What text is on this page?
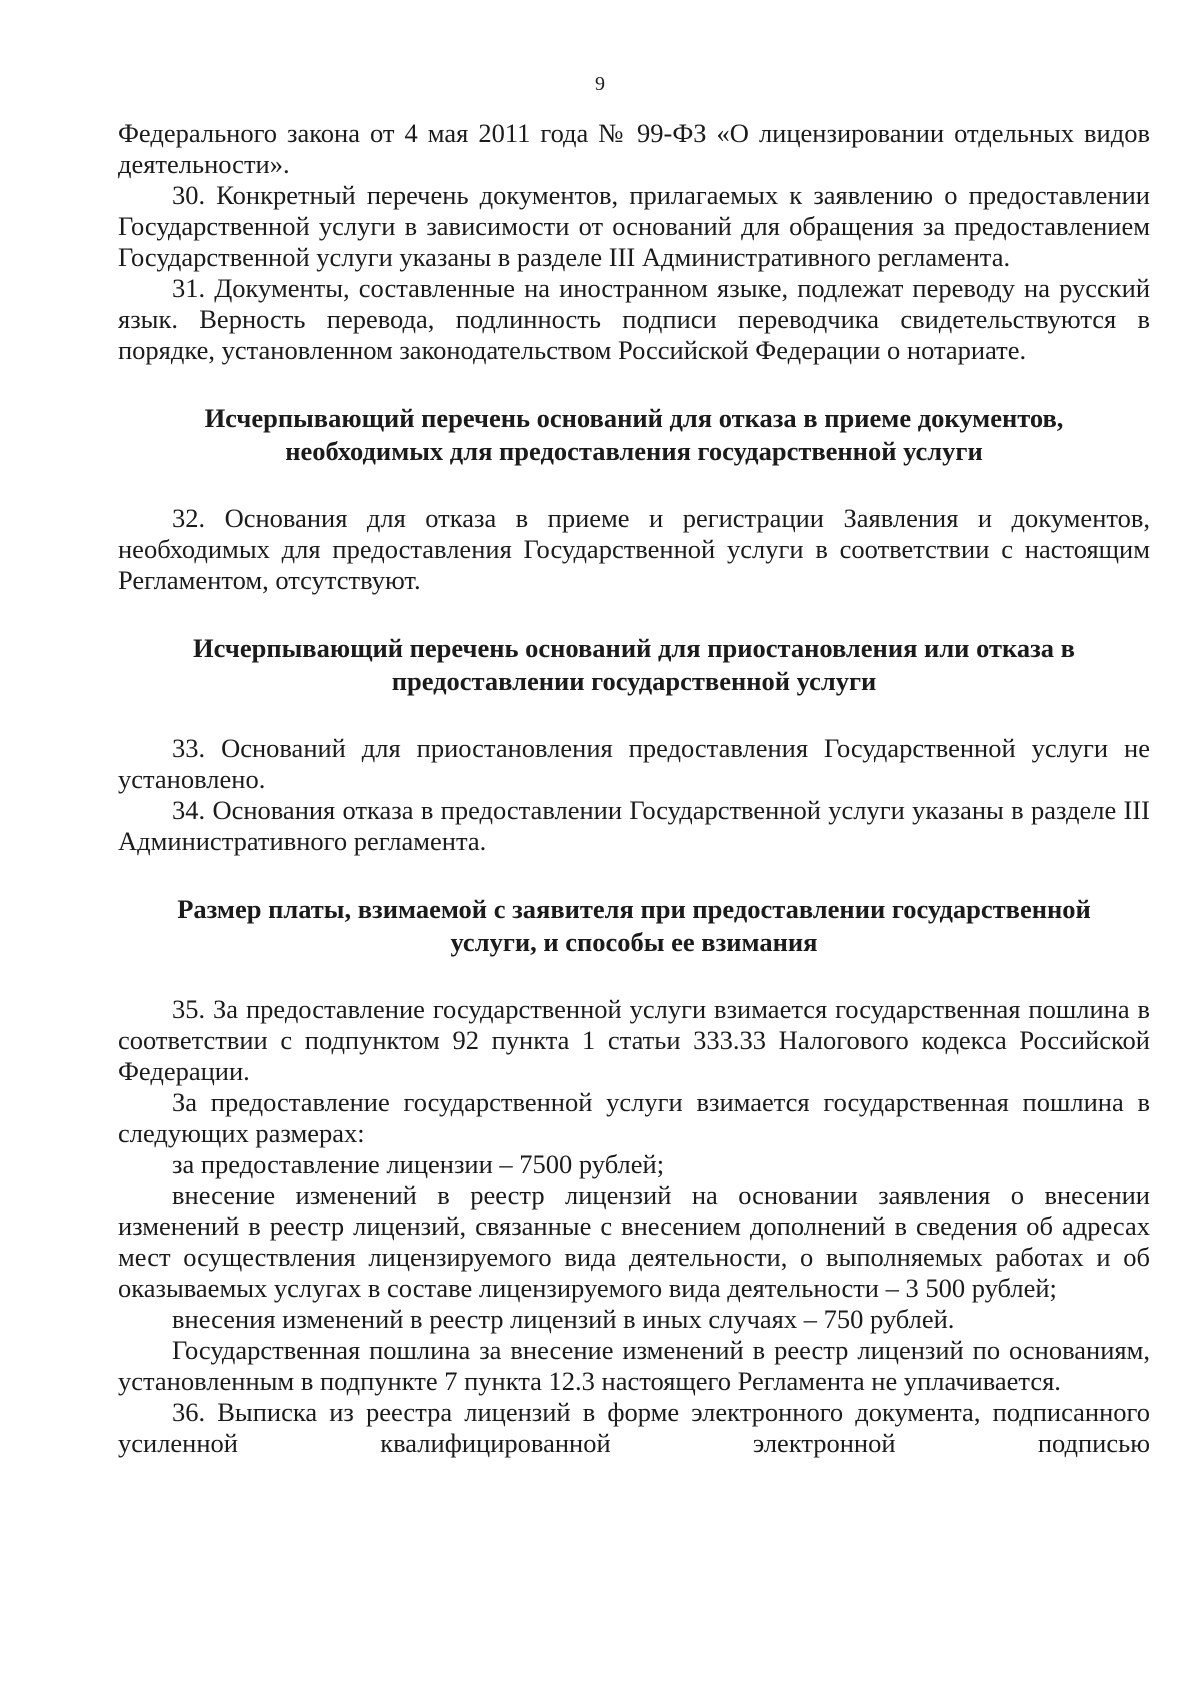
9

Федерального закона от 4 мая 2011 года № 99-ФЗ «О лицензировании отдельных видов деятельности».

30. Конкретный перечень документов, прилагаемых к заявлению о предоставлении Государственной услуги в зависимости от оснований для обращения за предоставлением Государственной услуги указаны в разделе III Административного регламента.

31. Документы, составленные на иностранном языке, подлежат переводу на русский язык. Верность перевода, подлинность подписи переводчика свидетельствуются в порядке, установленном законодательством Российской Федерации о нотариате.

Исчерпывающий перечень оснований для отказа в приеме документов,

необходимых для предоставления государственной услуги

32. Основания для отказа в приеме и регистрации Заявления и документов, необходимых для предоставления Государственной услуги в соответствии с настоящим Регламентом, отсутствуют.

Исчерпывающий перечень оснований для приостановления или отказа в

предоставлении государственной услуги

33. Оснований для приостановления предоставления Государственной услуги не установлено.

34. Основания отказа в предоставлении Государственной услуги указаны в разделе III Административного регламента.

Размер платы, взимаемой с заявителя при предоставлении государственной

услуги, и способы ее взимания

35. За предоставление государственной услуги взимается государственная пошлина в соответствии с подпунктом 92 пункта 1 статьи 333.33 Налогового кодекса Российской Федерации.

За предоставление государственной услуги взимается государственная пошлина в следующих размерах:

за предоставление лицензии – 7500 рублей;

внесение изменений в реестр лицензий на основании заявления о внесении изменений в реестр лицензий, связанные с внесением дополнений в сведения об адресах мест осуществления лицензируемого вида деятельности, о выполняемых работах и об оказываемых услугах в составе лицензируемого вида деятельности – 3 500 рублей;

внесения изменений в реестр лицензий в иных случаях – 750 рублей.

Государственная пошлина за внесение изменений в реестр лицензий по основаниям, установленным в подпункте 7 пункта 12.3 настоящего Регламента не уплачивается.

36. Выписка из реестра лицензий в форме электронного документа, подписанного усиленной квалифицированной электронной подписью
